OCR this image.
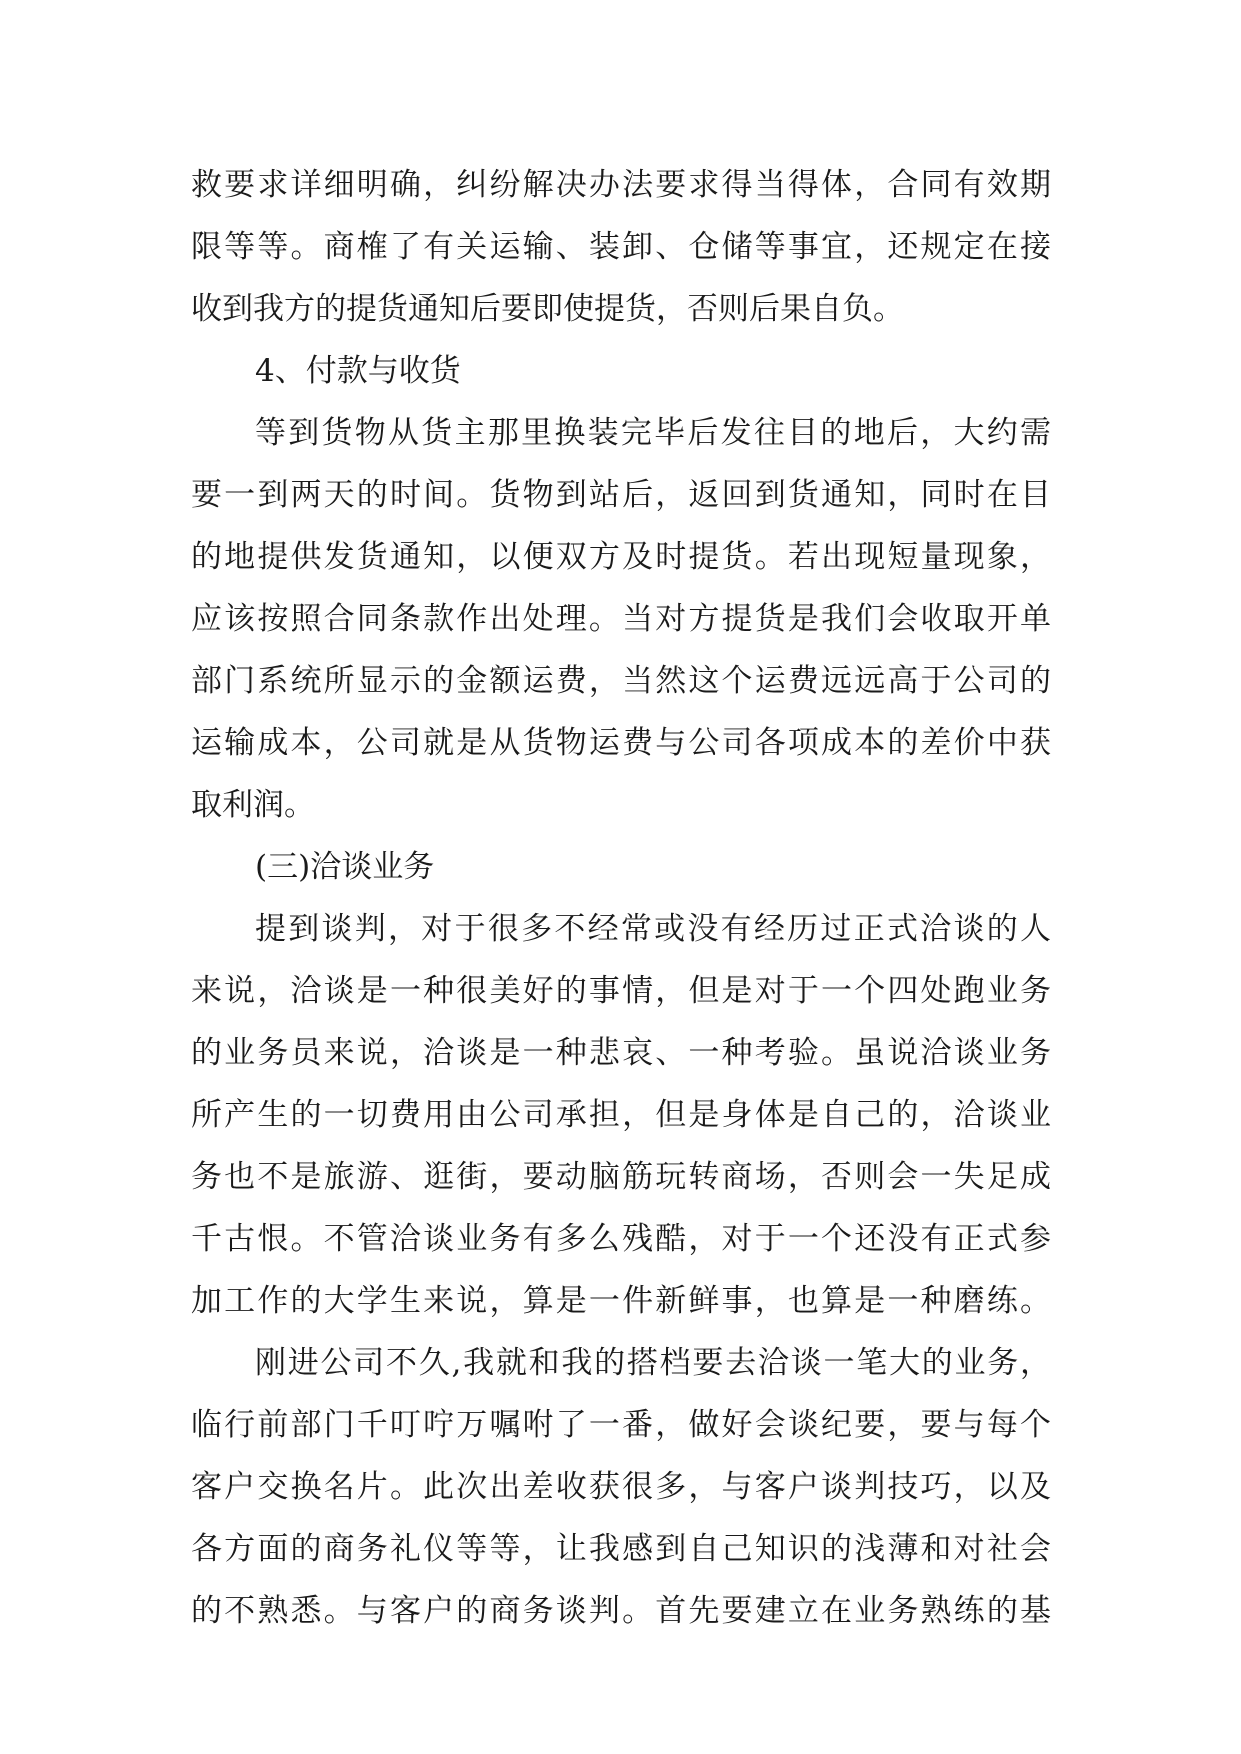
救要求详细明确，纠纷解决办法要求得当得体，合同有效期
限等等。商榷了有关运输、装卸、仓储等事宜，还规定在接
收到我方的提货通知后要即使提货，否则后果自负。
4、付款与收货
等到货物从货主那里换装完毕后发往目的地后，大约需
要一到两天的时间。货物到站后，返回到货通知，同时在目
的地提供发货通知，以便双方及时提货。若出现短量现象，
应该按照合同条款作出处理。当对方提货是我们会收取开单
部门系统所显示的金额运费，当然这个运费远远高于公司的
运输成本，公司就是从货物运费与公司各项成本的差价中获
取利润。
(三)洽谈业务
提到谈判，对于很多不经常或没有经历过正式洽谈的人
来说，洽谈是一种很美好的事情，但是对于一个四处跑业务
的业务员来说，洽谈是一种悲哀、一种考验。虽说洽谈业务
所产生的一切费用由公司承担，但是身体是自己的，洽谈业
务也不是旅游、逛街，要动脑筋玩转商场，否则会一失足成
千古恨。不管洽谈业务有多么残酷，对于一个还没有正式参
加工作的大学生来说，算是一件新鲜事，也算是一种磨练。
刚进公司不久,我就和我的搭档要去洽谈一笔大的业务，
临行前部门千叮咛万嘱咐了一番，做好会谈纪要，要与每个
客户交换名片。此次出差收获很多，与客户谈判技巧，以及
各方面的商务礼仪等等，让我感到自己知识的浅薄和对社会
的不熟悉。与客户的商务谈判。首先要建立在业务熟练的基
